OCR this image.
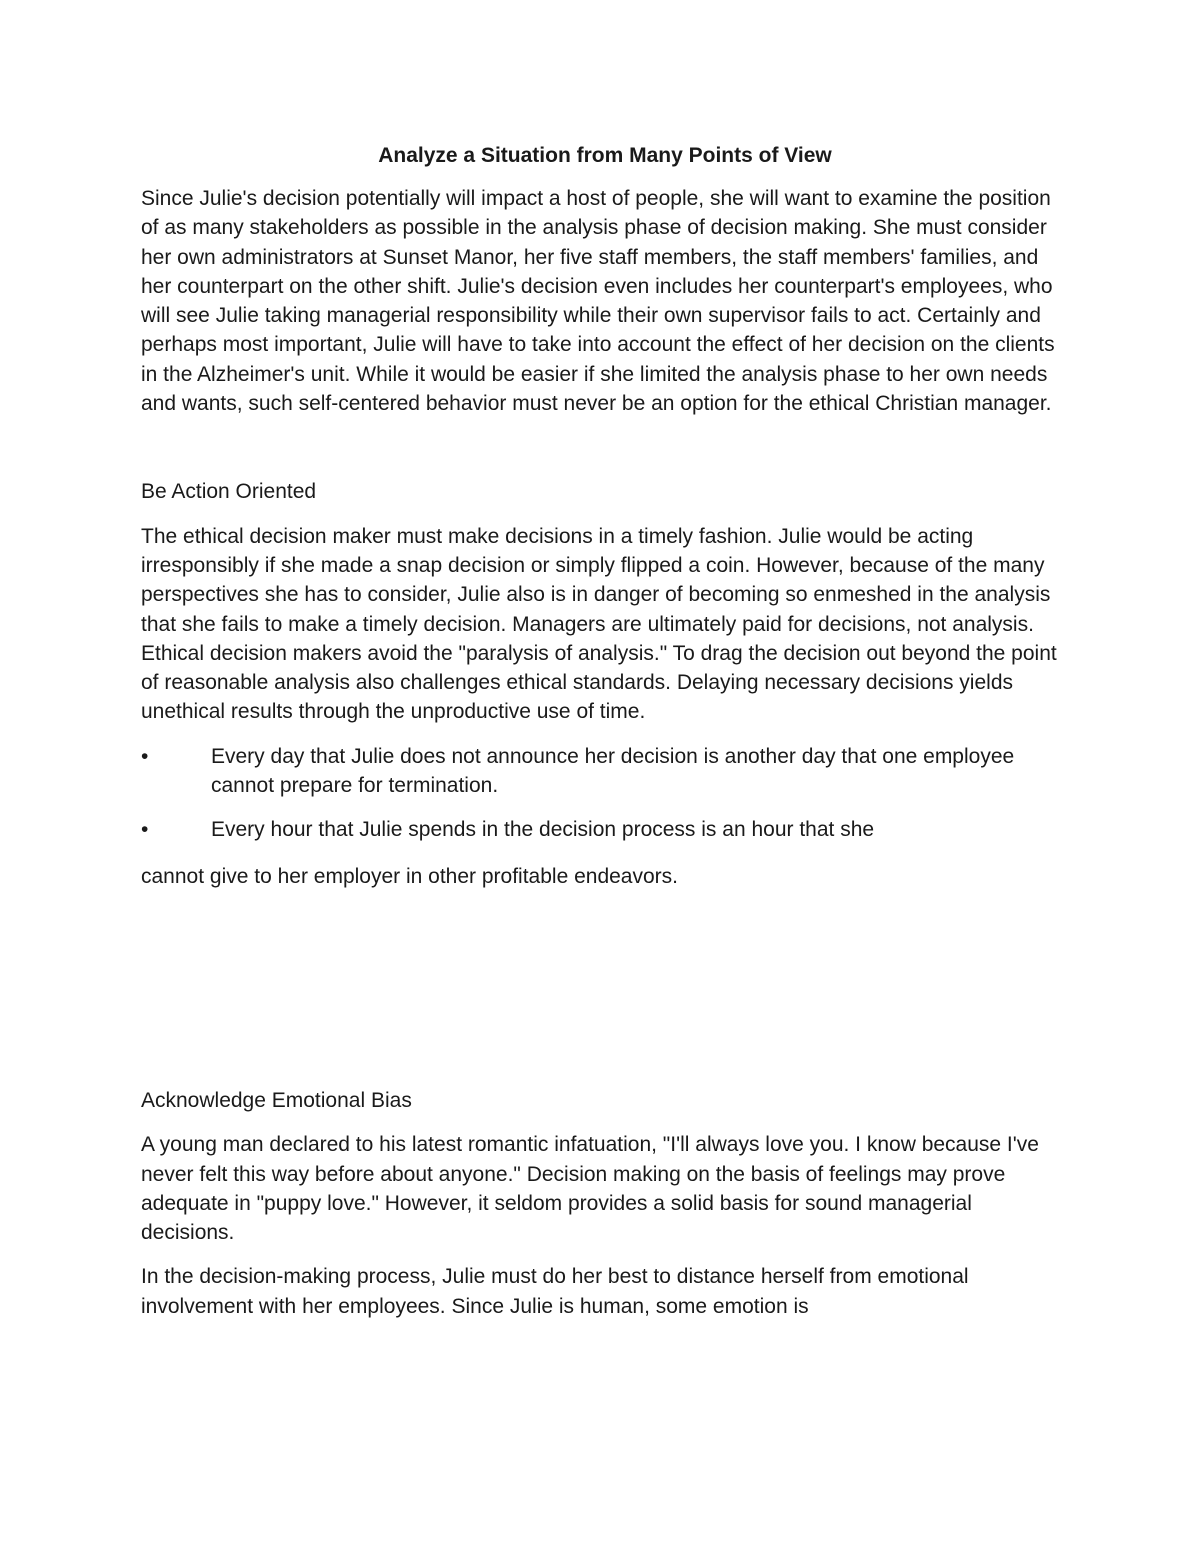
Analyze a Situation from Many Points of View

Since Julie's decision potentially will impact a host of people, she will want to examine the position of as many stakeholders as possible in the analysis phase of decision making. She must consider her own administrators at Sunset Manor, her five staff members, the staff members' families, and her counterpart on the other shift. Julie's decision even includes her counterpart's employees, who will see Julie taking managerial responsibility while their own supervisor fails to act. Certainly and perhaps most important, Julie will have to take into account the effect of her decision on the clients in the Alzheimer's unit. While it would be easier if she limited the analysis phase to her own needs and wants, such self-centered behavior must never be an option for the ethical Christian manager.

Be Action Oriented

The ethical decision maker must make decisions in a timely fashion. Julie would be acting irresponsibly if she made a snap decision or simply flipped a coin. However, because of the many perspectives she has to consider, Julie also is in danger of becoming so enmeshed in the analysis that she fails to make a timely decision. Managers are ultimately paid for decisions, not analysis. Ethical decision makers avoid the "paralysis of analysis." To drag the decision out beyond the point of reasonable analysis also challenges ethical standards. Delaying necessary decisions yields unethical results through the unproductive use of time.

•	Every day that Julie does not announce her decision is another day that one employee cannot prepare for termination.
•	Every hour that Julie spends in the decision process is an hour that she

cannot give to her employer in other profitable endeavors.

Acknowledge Emotional Bias

A young man declared to his latest romantic infatuation, "I'll always love you. I know because I've never felt this way before about anyone." Decision making on the basis of feelings may prove adequate in "puppy love." However, it seldom provides a solid basis for sound managerial decisions.

In the decision-making process, Julie must do her best to distance herself from emotional involvement with her employees. Since Julie is human, some emotion is
